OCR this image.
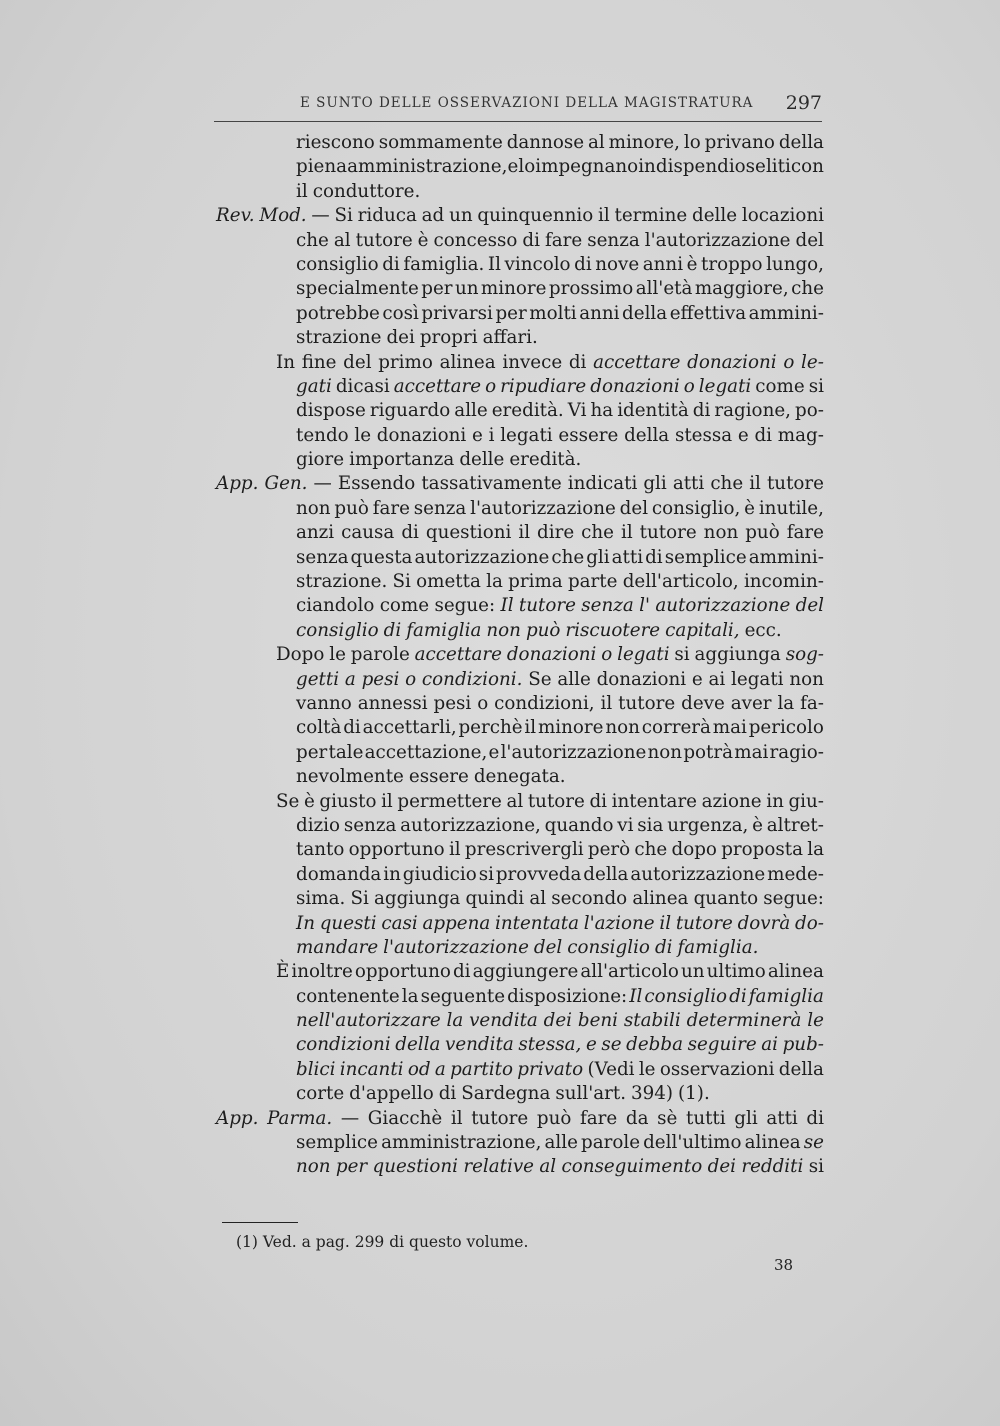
E SUNTO DELLE OSSERVAZIONI DELLA MAGISTRATURA 297
riescono sommamente dannose al minore, lo privano della
piena amministrazione, e lo impegnano in dispendiose liti con
il conduttore.
Rev. Mod. — Si riduca ad un quinquennio il termine delle locazioni
che al tutore è concesso di fare senza l'autorizzazione del
consiglio di famiglia. Il vincolo di nove anni è troppo lungo,
specialmente per un minore prossimo all'età maggiore, che
potrebbe così privarsi per molti anni della effettiva ammini-
strazione dei propri affari.
In fine del primo alinea invece di accettare donazioni o le-
gati dicasi accettare o ripudiare donazioni o legati come si
dispose riguardo alle eredità. Vi ha identità di ragione, po-
tendo le donazioni e i legati essere della stessa e di mag-
giore importanza delle eredità.
App. Gen. — Essendo tassativamente indicati gli atti che il tutore
non può fare senza l'autorizzazione del consiglio, è inutile,
anzi causa di questioni il dire che il tutore non può fare
senza questa autorizzazione che gli atti di semplice ammini-
strazione. Si ometta la prima parte dell'articolo, incomin-
ciandolo come segue: Il tutore senza l' autorizzazione del
consiglio di famiglia non può riscuotere capitali, ecc.
Dopo le parole accettare donazioni o legati si aggiunga sog-
getti a pesi o condizioni. Se alle donazioni e ai legati non
vanno annessi pesi o condizioni, il tutore deve aver la fa-
coltà di accettarli, perchè il minore non correrà mai pericolo
per tale accettazione, e l'autorizzazione non potrà mai ragio-
nevolmente essere denegata.
Se è giusto il permettere al tutore di intentare azione in giu-
dizio senza autorizzazione, quando vi sia urgenza, è altret-
tanto opportuno il prescrivergli però che dopo proposta la
domanda in giudicio si provveda della autorizzazione mede-
sima. Si aggiunga quindi al secondo alinea quanto segue:
In questi casi appena intentata l'azione il tutore dovrà do-
mandare l'autorizzazione del consiglio di famiglia.
È inoltre opportuno di aggiungere all'articolo un ultimo alinea
contenente la seguente disposizione: Il consiglio di famiglia
nell'autorizzare la vendita dei beni stabili determinerà le
condizioni della vendita stessa, e se debba seguire ai pub-
blici incanti od a partito privato (Vedi le osservazioni della
corte d'appello di Sardegna sull'art. 394) (1).
App. Parma. — Giacchè il tutore può fare da sè tutti gli atti di
semplice amministrazione, alle parole dell'ultimo alinea se
non per questioni relative al conseguimento dei redditi si
(1) Ved. a pag. 299 di questo volume.
38
